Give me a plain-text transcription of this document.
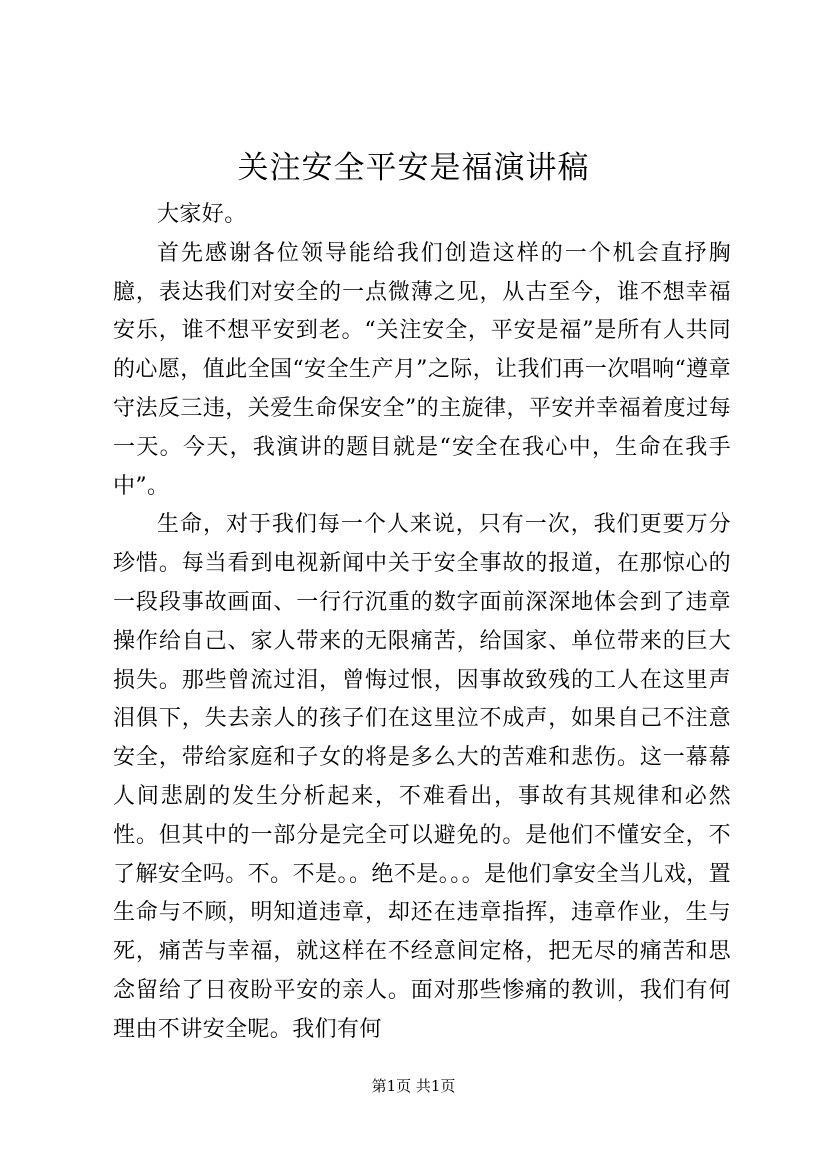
关注安全平安是福演讲稿

大家好。

首先感谢各位领导能给我们创造这样的一个机会直抒胸臆，表达我们对安全的一点微薄之见，从古至今，谁不想幸福安乐，谁不想平安到老。“关注安全，平安是福”是所有人共同的心愿，值此全国“安全生产月”之际，让我们再一次唱响“遵章守法反三违，关爱生命保安全”的主旋律，平安并幸福着度过每一天。今天，我演讲的题目就是“安全在我心中，生命在我手中”。

生命，对于我们每一个人来说，只有一次，我们更要万分珍惜。每当看到电视新闻中关于安全事故的报道，在那惊心的一段段事故画面、一行行沉重的数字面前深深地体会到了违章操作给自己、家人带来的无限痛苦，给国家、单位带来的巨大损失。那些曾流过泪，曾悔过恨，因事故致残的工人在这里声泪俱下，失去亲人的孩子们在这里泣不成声，如果自己不注意安全，带给家庭和子女的将是多么大的苦难和悲伤。这一幕幕人间悲剧的发生分析起来，不难看出，事故有其规律和必然性。但其中的一部分是完全可以避免的。是他们不懂安全，不了解安全吗。不。不是。。绝不是。。。是他们拿安全当儿戏，置生命与不顾，明知道违章，却还在违章指挥，违章作业，生与死，痛苦与幸福，就这样在不经意间定格，把无尽的痛苦和思念留给了日夜盼平安的亲人。面对那些惨痛的教训，我们有何理由不讲安全呢。我们有何

第1页 共1页
